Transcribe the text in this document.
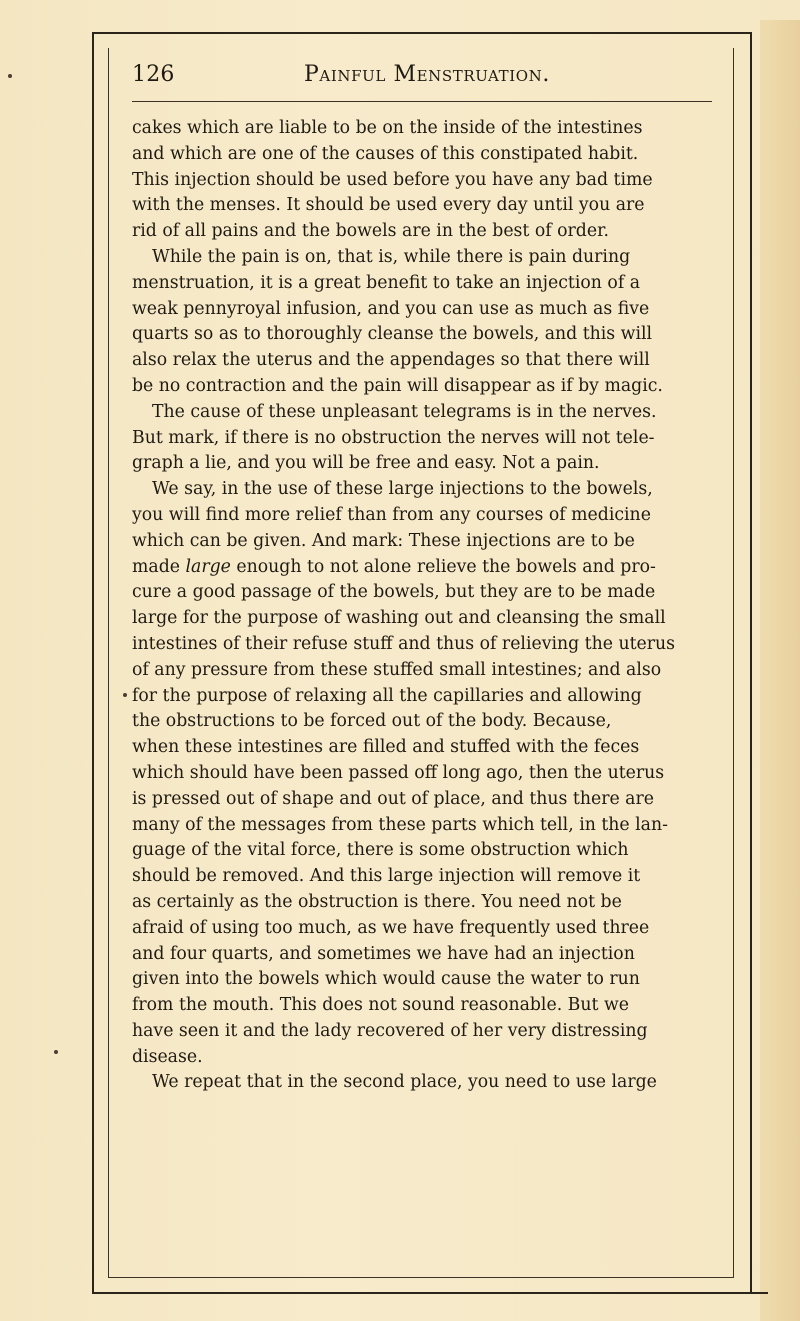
126	Painful Menstruation.
cakes which are liable to be on the inside of the intestines
and which are one of the causes of this constipated habit.
This injection should be used before you have any bad time
with the menses. It should be used every day until you are
rid of all pains and the bowels are in the best of order.
While the pain is on, that is, while there is pain during
menstruation, it is a great benefit to take an injection of a
weak pennyroyal infusion, and you can use as much as five
quarts so as to thoroughly cleanse the bowels, and this will
also relax the uterus and the appendages so that there will
be no contraction and the pain will disappear as if by magic.
The cause of these unpleasant telegrams is in the nerves.
But mark, if there is no obstruction the nerves will not tele-
graph a lie, and you will be free and easy. Not a pain.
We say, in the use of these large injections to the bowels,
you will find more relief than from any courses of medicine
which can be given. And mark: These injections are to be
made large enough to not alone relieve the bowels and pro-
cure a good passage of the bowels, but they are to be made
large for the purpose of washing out and cleansing the small
intestines of their refuse stuff and thus of relieving the uterus
of any pressure from these stuffed small intestines; and also
for the purpose of relaxing all the capillaries and allowing
the obstructions to be forced out of the body. Because,
when these intestines are filled and stuffed with the feces
which should have been passed off long ago, then the uterus
is pressed out of shape and out of place, and thus there are
many of the messages from these parts which tell, in the lan-
guage of the vital force, there is some obstruction which
should be removed. And this large injection will remove it
as certainly as the obstruction is there. You need not be
afraid of using too much, as we have frequently used three
and four quarts, and sometimes we have had an injection
given into the bowels which would cause the water to run
from the mouth. This does not sound reasonable. But we
have seen it and the lady recovered of her very distressing
disease.
We repeat that in the second place, you need to use large
